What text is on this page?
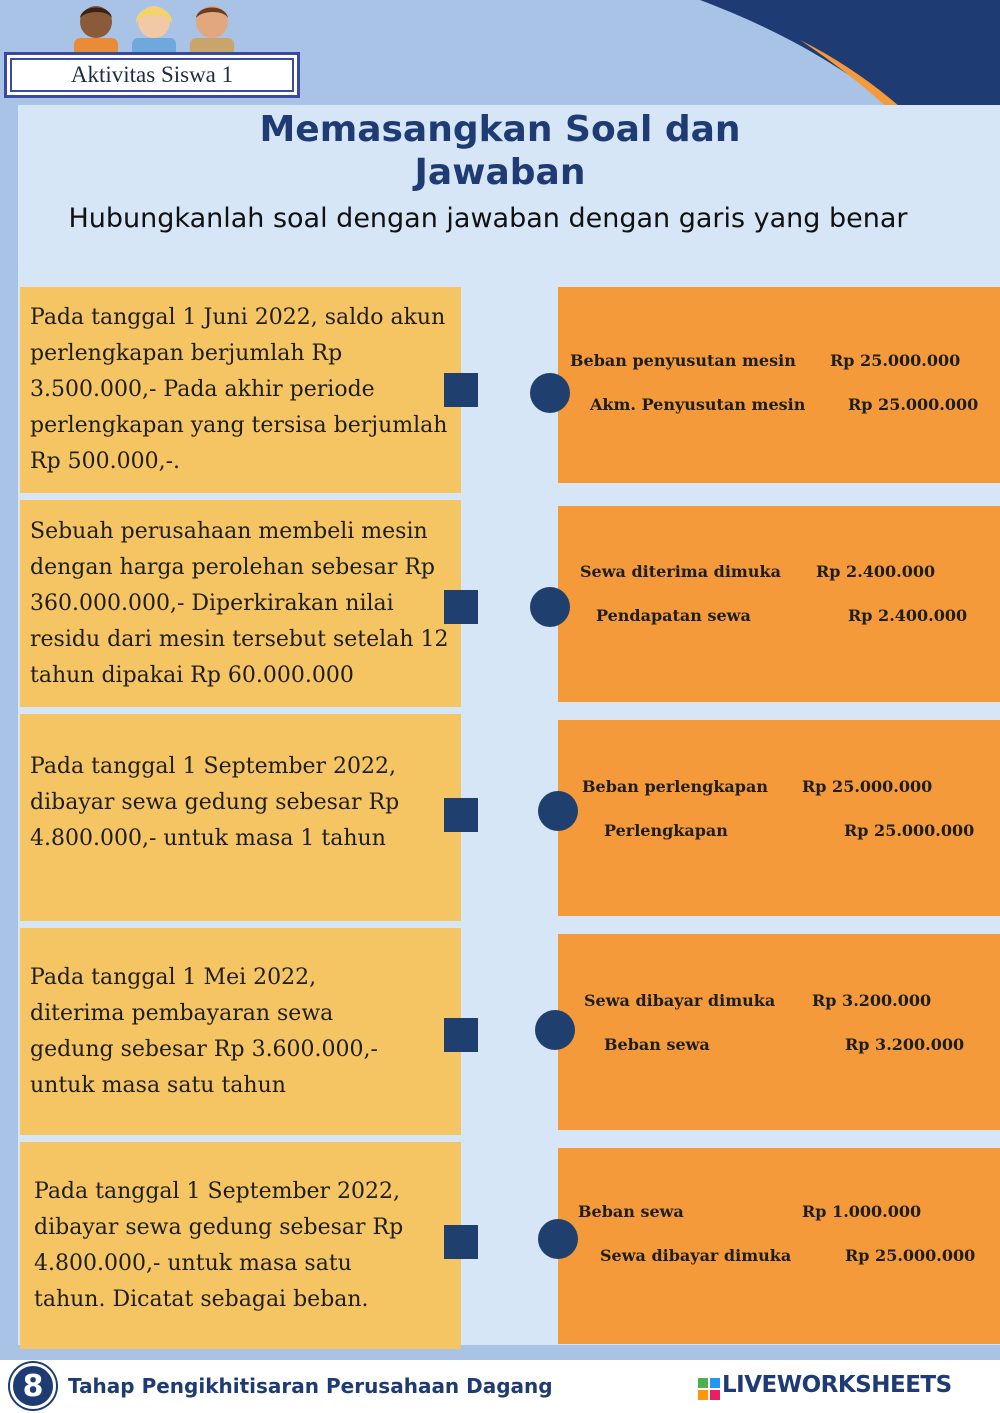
Aktivitas Siswa 1
Memasangkan Soal dan
Jawaban
Hubungkanlah soal dengan jawaban dengan garis yang benar
Pada tanggal 1 Juni 2022, saldo akun perlengkapan berjumlah Rp 3.500.000,- Pada akhir periode perlengkapan yang tersisa berjumlah Rp 500.000,-.
Sebuah perusahaan membeli mesin dengan harga perolehan sebesar Rp 360.000.000,- Diperkirakan nilai residu dari mesin tersebut setelah 12 tahun dipakai Rp 60.000.000
Pada tanggal 1 September 2022, dibayar sewa gedung sebesar Rp 4.800.000,- untuk masa 1 tahun
Pada tanggal 1 Mei 2022, diterima pembayaran sewa gedung sebesar Rp 3.600.000,- untuk masa satu tahun
Pada tanggal 1 September 2022, dibayar sewa gedung sebesar Rp 4.800.000,- untuk masa satu tahun. Dicatat sebagai beban.
Beban penyusutan mesin Rp 25.000.000
Akm. Penyusutan mesin	Rp 25.000.000
Sewa diterima dimuka Rp 2.400.000
Pendapatan sewa	Rp 2.400.000
Beban perlengkapan Rp 25.000.000
Perlengkapan	Rp 25.000.000
Sewa dibayar dimuka Rp 3.200.000
Beban sewa	Rp 3.200.000
Beban sewa	Rp 1.000.000
Sewa dibayar dimuka	Rp 25.000.000
8	Tahap Pengikhitisaran Perusahaan Dagang	LIVEWORKSHEETS
